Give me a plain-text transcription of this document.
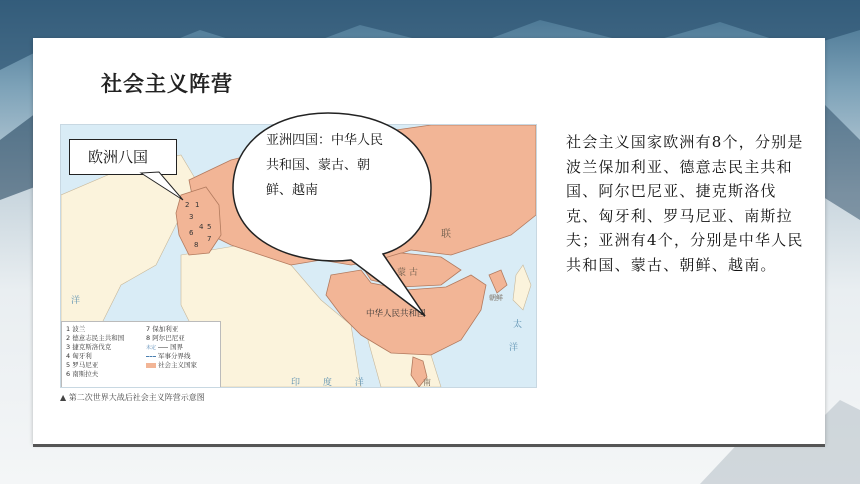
社会主义阵营
联
蒙 古
中华人民共和国
朝鲜
南
洋
印 度 洋
洋
太
2 1
3
4
6
5
7
8
1 波兰
2 德意志民主共和国
3 捷克斯洛伐克
4 匈牙利
5 罗马尼亚
6 南斯拉夫
7 保加利亚
8 阿尔巴尼亚
未定 国界
军事分界线
社会主义国家
▲ 第二次世界大战后社会主义阵营示意图
欧洲八国
亚洲四国：中华人民共和国、蒙古、朝鲜、越南
社会主义国家欧洲有8个，分别是波兰保加利亚、德意志民主共和国、阿尔巴尼亚、捷克斯洛伐克、匈牙利、罗马尼亚、南斯拉夫；亚洲有4个，分别是中华人民共和国、蒙古、朝鲜、越南。
